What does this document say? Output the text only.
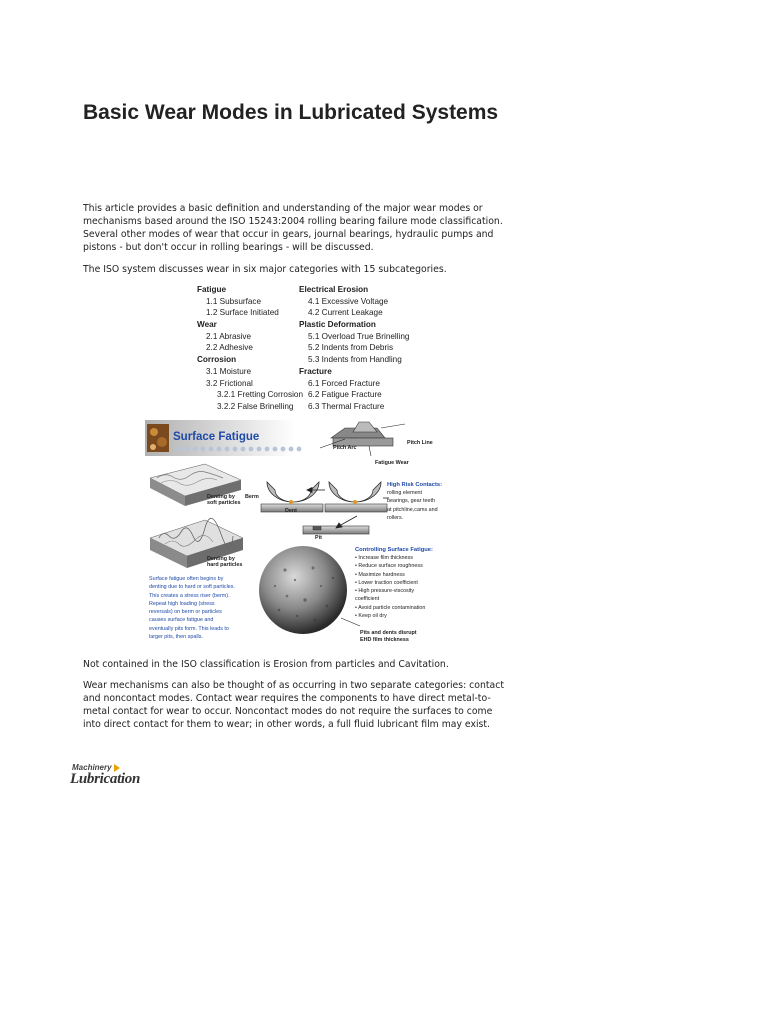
Basic Wear Modes in Lubricated Systems

This article provides a basic definition and understanding of the major wear modes or mechanisms based around the ISO 15243:2004 rolling bearing failure mode classification. Several other modes of wear that occur in gears, journal bearings, hydraulic pumps and pistons - but don't occur in rolling bearings - will be discussed.

The ISO system discusses wear in six major categories with 15 subcategories.

Fatigue
1.1 Subsurface
1.2 Surface Initiated
Wear
2.1 Abrasive
2.2 Adhesive
Corrosion
3.1 Moisture
3.2 Frictional
3.2.1 Fretting Corrosion
3.2.2 False Brinelling
Electrical Erosion
4.1 Excessive Voltage
4.2 Current Leakage
Plastic Deformation
5.1 Overload True Brinelling
5.2 Indents from Debris
5.3 Indents from Handling
Fracture
6.1 Forced Fracture
6.2 Fatigue Fracture
6.3 Thermal Fracture
Surface Fatigue
Pitch Arc
Pitch Line
Fatigue Wear
Denting by
soft particles
Berm
Dent
Pit
Denting by
hard particles
High Risk Contacts:
rolling element
bearings, gear teeth
at pitchline,cams and
rollers.
Controlling Surface Fatigue:
• Increase film thickness
• Reduce surface roughness
• Maximize hardness
• Lower traction coefficient
• High pressure-viscosity
coefficient
• Avoid particle contamination
• Keep oil dry
Surface fatigue often begins by
denting due to hard or soft particles.
This creates a stress riser (berm).
Repeat high loading (stress
reversals) on berm or particles
causes surface fatigue and
eventually pits form. This leads to
larger pits, then spalls.
Pits and dents disrupt
EHD film thickness

Not contained in the ISO classification is Erosion from particles and Cavitation.

Wear mechanisms can also be thought of as occurring in two separate categories: contact and noncontact modes. Contact wear requires the components to have direct metal-to-metal contact for wear to occur. Noncontact modes do not require the surfaces to come into direct contact for them to wear; in other words, a full fluid lubricant film may exist.

Machinery
Lubrication
